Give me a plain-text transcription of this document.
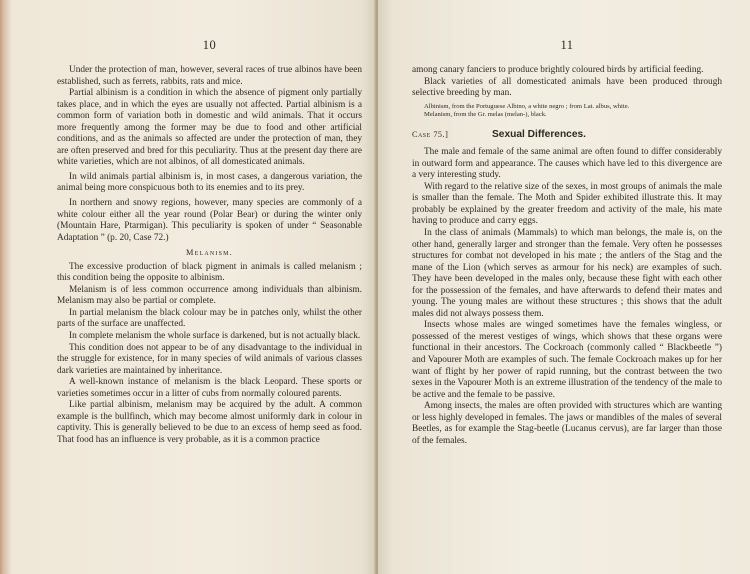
10

Under the protection of man, however, several races of true albinos have been established, such as ferrets, rabbits, rats and mice.

Partial albinism is a condition in which the absence of pigment only partially takes place, and in which the eyes are usually not affected. Partial albinism is a common form of variation both in domestic and wild animals. That it occurs more frequently among the former may be due to food and other artificial conditions, and as the animals so affected are under the protection of man, they are often preserved and bred for this peculiarity. Thus at the present day there are white varieties, which are not albinos, of all domesticated animals.

In wild animals partial albinism is, in most cases, a dangerous variation, the animal being more conspicuous both to its enemies and to its prey.

In northern and snowy regions, however, many species are commonly of a white colour either all the year round (Polar Bear) or during the winter only (Mountain Hare, Ptarmigan). This peculiarity is spoken of under “ Seasonable Adaptation ” (p. 20, Case 72.)

Melanism.

The excessive production of black pigment in animals is called melanism ; this condition being the opposite to albinism.

Melanism is of less common occurrence among individuals than albinism. Melanism may also be partial or complete.

In partial melanism the black colour may be in patches only, whilst the other parts of the surface are unaffected.

In complete melanism the whole surface is darkened, but is not actually black.

This condition does not appear to be of any disadvantage to the individual in the struggle for existence, for in many species of wild animals of various classes dark varieties are maintained by inheritance.

A well-known instance of melanism is the black Leopard. These sports or varieties sometimes occur in a litter of cubs from normally coloured parents.

Like partial albinism, melanism may be acquired by the adult. A common example is the bullfinch, which may become almost uniformly dark in colour in captivity. This is generally believed to be due to an excess of hemp seed as food. That food has an influence is very probable, as it is a common practice

11

among canary fanciers to produce brightly coloured birds by artificial feeding.

Black varieties of all domesticated animals have been produced through selective breeding by man.

Albinism, from the Portuguese Albino, a white negro ; from Lat. albus, white.
Melanism, from the Gr. melas (melan-), black.
Case 75.]	Sexual Differences.

The male and female of the same animal are often found to differ considerably in outward form and appearance. The causes which have led to this divergence are a very interesting study.

With regard to the relative size of the sexes, in most groups of animals the male is smaller than the female. The Moth and Spider exhibited illustrate this. It may probably be explained by the greater freedom and activity of the male, his mate having to produce and carry eggs.

In the class of animals (Mammals) to which man belongs, the male is, on the other hand, generally larger and stronger than the female. Very often he possesses structures for combat not developed in his mate ; the antlers of the Stag and the mane of the Lion (which serves as armour for his neck) are examples of such. They have been developed in the males only, because these fight with each other for the possession of the females, and have afterwards to defend their mates and young. The young males are without these structures ; this shows that the adult males did not always possess them.

Insects whose males are winged sometimes have the females wingless, or possessed of the merest vestiges of wings, which shows that these organs were functional in their ancestors. The Cockroach (commonly called “ Blackbeetle ”) and Vapourer Moth are examples of such. The female Cockroach makes up for her want of flight by her power of rapid running, but the contrast between the two sexes in the Vapourer Moth is an extreme illustration of the tendency of the male to be active and the female to be passive.

Among insects, the males are often provided with structures which are wanting or less highly developed in females. The jaws or mandibles of the males of several Beetles, as for example the Stag-beetle (Lucanus cervus), are far larger than those of the females.
